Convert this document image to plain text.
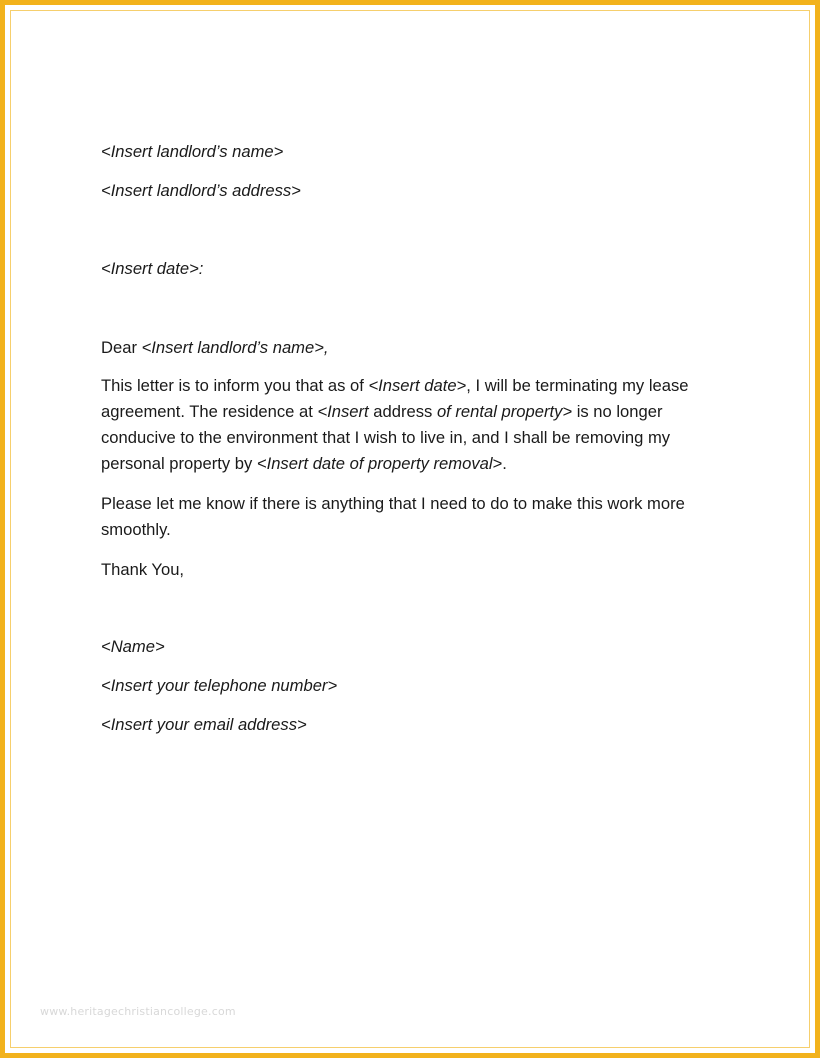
<Insert landlord’s name>
<Insert landlord’s address>
<Insert date>:
Dear <Insert landlord’s name>,
This letter is to inform you that as of <Insert date>, I will be terminating my lease agreement. The residence at <Insert address of rental property> is no longer conducive to the environment that I wish to live in, and I shall be removing my personal property by <Insert date of property removal>.
Please let me know if there is anything that I need to do to make this work more smoothly.
Thank You,
<Name>
<Insert your telephone number>
<Insert your email address>
www.heritagechristiancollege.com
